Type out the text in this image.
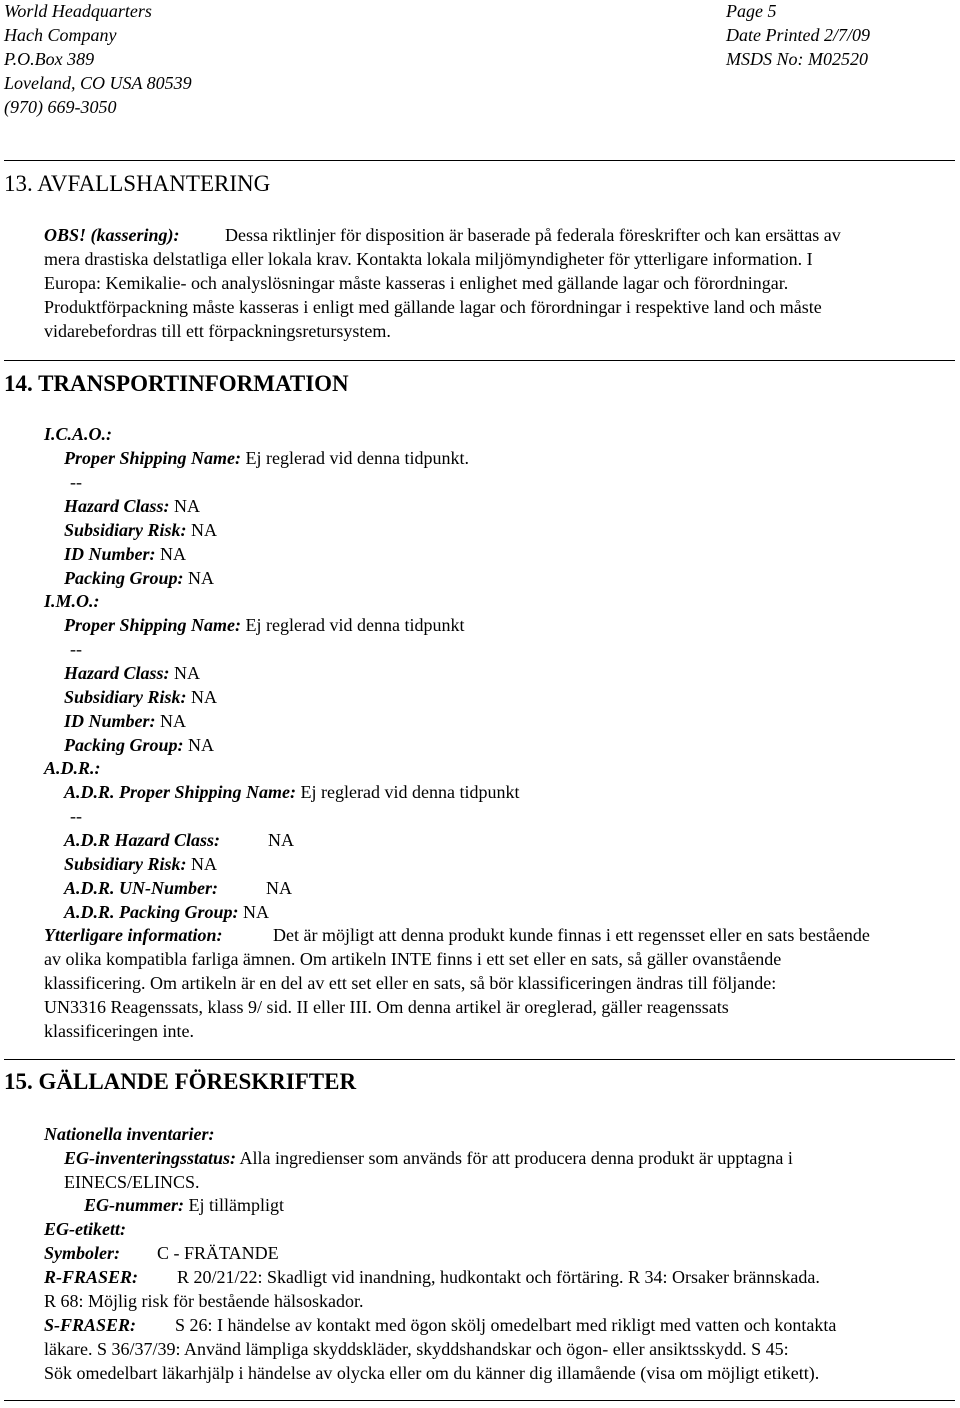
World Headquarters
Hach Company
P.O.Box 389
Loveland, CO USA 80539
(970) 669-3050
Page 5
Date Printed 2/7/09
MSDS No: M02520
13. AVFALLSHANTERING
OBS! (kassering):	Dessa riktlinjer för disposition är baserade på federala föreskrifter och kan ersättas av
mera drastiska delstatliga eller lokala krav. Kontakta lokala miljömyndigheter för ytterligare information. I
Europa: Kemikalie- och analyslösningar måste kasseras i enlighet med gällande lagar och förordningar.
Produktförpackning måste kasseras i enligt med gällande lagar och förordningar i respektive land och måste
vidarebefordras till ett förpackningsretursystem.
14. TRANSPORTINFORMATION
I.C.A.O.:
Proper Shipping Name: Ej reglerad vid denna tidpunkt.
--
Hazard Class: NA
Subsidiary Risk: NA
ID Number: NA
Packing Group: NA
I.M.O.:
Proper Shipping Name: Ej reglerad vid denna tidpunkt
--
Hazard Class: NA
Subsidiary Risk: NA
ID Number: NA
Packing Group: NA
A.D.R.:
A.D.R. Proper Shipping Name: Ej reglerad vid denna tidpunkt
--
A.D.R Hazard Class:	NA
Subsidiary Risk: NA
A.D.R. UN-Number:	NA
A.D.R. Packing Group: NA
Ytterligare information:	Det är möjligt att denna produkt kunde finnas i ett regensset eller en sats bestående
av olika kompatibla farliga ämnen. Om artikeln INTE finns i ett set eller en sats, så gäller ovanstående
klassificering. Om artikeln är en del av ett set eller en sats, så bör klassificeringen ändras till följande:
UN3316 Reagenssats, klass 9/ sid. II eller III. Om denna artikel är oreglerad, gäller reagenssats
klassificeringen inte.
15. GÄLLANDE FÖRESKRIFTER
Nationella inventarier:
EG-inventeringsstatus: Alla ingredienser som används för att producera denna produkt är upptagna i
EINECS/ELINCS.
EG-nummer: Ej tillämpligt
EG-etikett:
Symboler: C - FRÄTANDE
R-FRASER: R 20/21/22: Skadligt vid inandning, hudkontakt och förtäring. R 34: Orsaker brännskada.
R 68: Möjlig risk för bestående hälsoskador.
S-FRASER: S 26: I händelse av kontakt med ögon skölj omedelbart med rikligt med vatten och kontakta
läkare. S 36/37/39: Använd lämpliga skyddskläder, skyddshandskar och ögon- eller ansiktsskydd. S 45:
Sök omedelbart läkarhjälp i händelse av olycka eller om du känner dig illamående (visa om möjligt etikett).
